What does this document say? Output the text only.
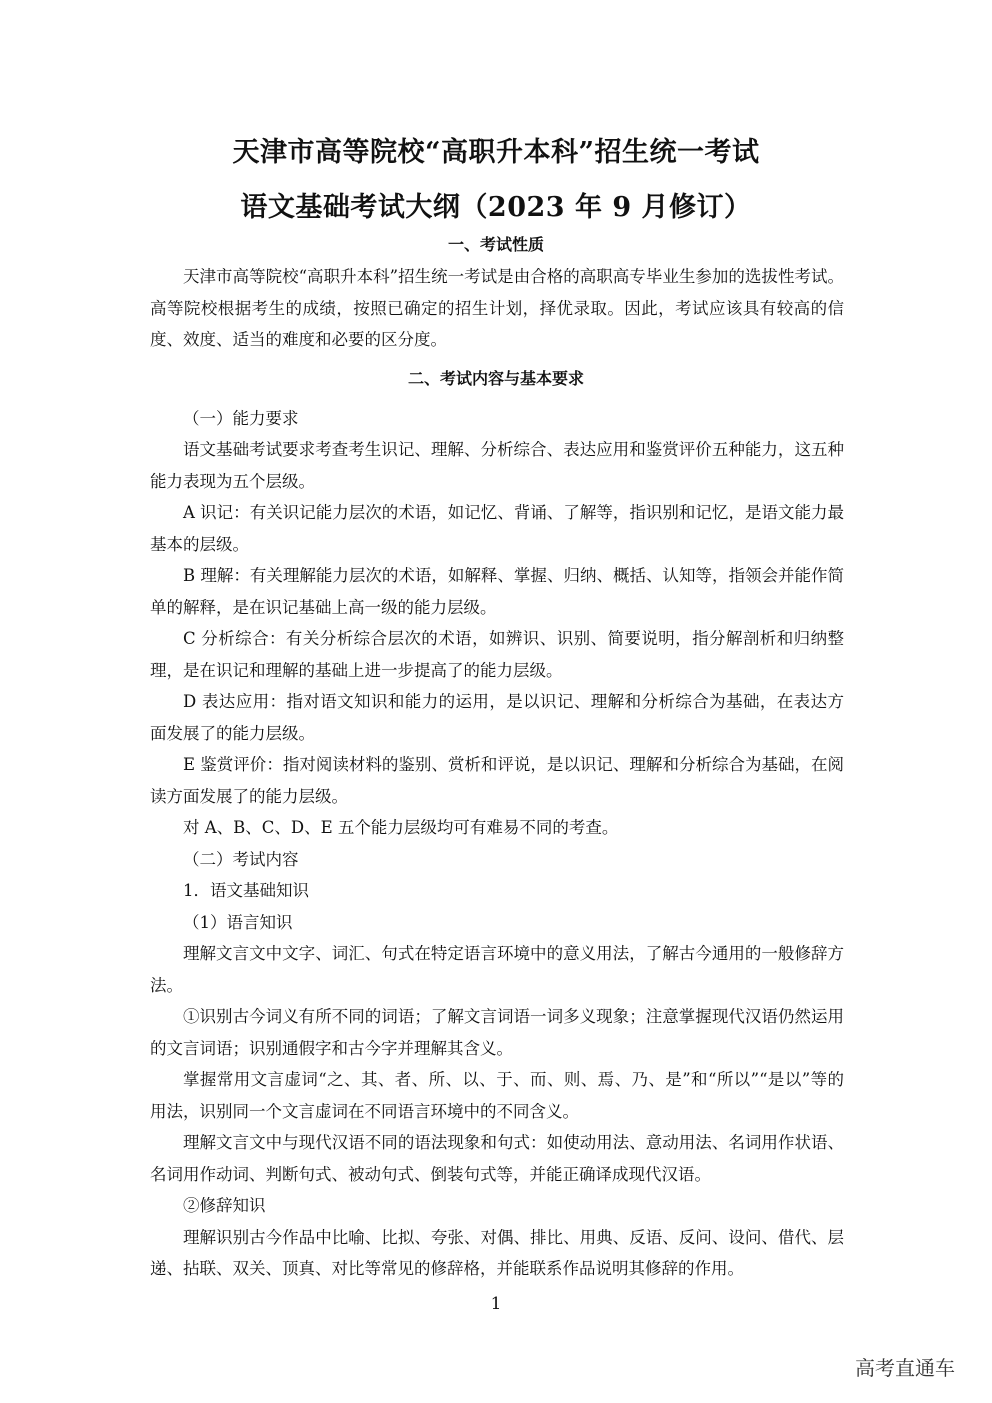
天津市高等院校“高职升本科”招生统一考试
语文基础考试大纲（2023 年 9 月修订）
一、考试性质

天津市高等院校“高职升本科”招生统一考试是由合格的高职高专毕业生参加的选拔性考试。高等院校根据考生的成绩，按照已确定的招生计划，择优录取。因此，考试应该具有较高的信度、效度、适当的难度和必要的区分度。

（一）能力要求

语文基础考试要求考查考生识记、理解、分析综合、表达应用和鉴赏评价五种能力，这五种能力表现为五个层级。

A 识记：有关识记能力层次的术语，如记忆、背诵、了解等，指识别和记忆，是语文能力最基本的层级。

B 理解：有关理解能力层次的术语，如解释、掌握、归纳、概括、认知等，指领会并能作简单的解释，是在识记基础上高一级的能力层级。

C 分析综合：有关分析综合层次的术语，如辨识、识别、简要说明，指分解剖析和归纳整理，是在识记和理解的基础上进一步提高了的能力层级。

D 表达应用：指对语文知识和能力的运用，是以识记、理解和分析综合为基础，在表达方面发展了的能力层级。

E 鉴赏评价：指对阅读材料的鉴别、赏析和评说，是以识记、理解和分析综合为基础，在阅读方面发展了的能力层级。

对 A、B、C、D、E 五个能力层级均可有难易不同的考查。

（二）考试内容

1．语文基础知识

（1）语言知识

理解文言文中文字、词汇、句式在特定语言环境中的意义用法，了解古今通用的一般修辞方法。

①识别古今词义有所不同的词语；了解文言词语一词多义现象；注意掌握现代汉语仍然运用的文言词语；识别通假字和古今字并理解其含义。

掌握常用文言虚词“之、其、者、所、以、于、而、则、焉、乃、是”和“所以”“是以”等的用法，识别同一个文言虚词在不同语言环境中的不同含义。

理解文言文中与现代汉语不同的语法现象和句式：如使动用法、意动用法、名词用作状语、名词用作动词、判断句式、被动句式、倒装句式等，并能正确译成现代汉语。

②修辞知识

理解识别古今作品中比喻、比拟、夸张、对偶、排比、用典、反语、反问、设问、借代、层递、拈联、双关、顶真、对比等常见的修辞格，并能联系作品说明其修辞的作用。

二、考试内容与基本要求
1
高考直通车
